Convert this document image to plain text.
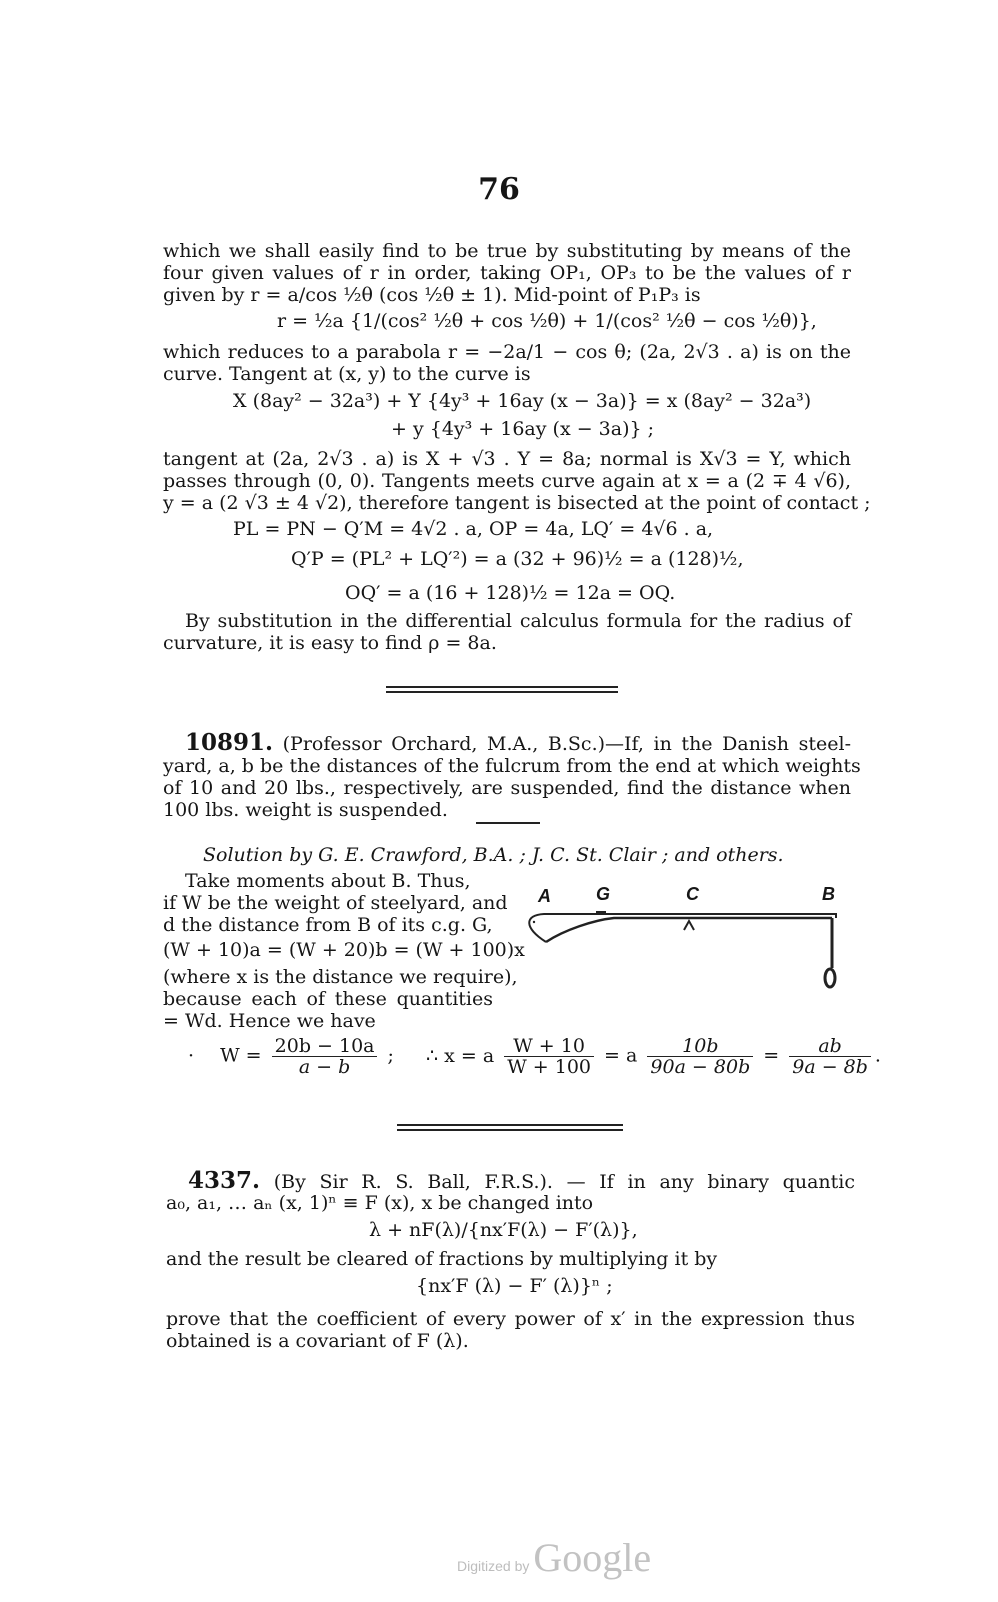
76
which we shall easily find to be true by substituting by means of the
four given values of r in order, taking OP₁, OP₃ to be the values of r
given by r = a/cos ½θ (cos ½θ ± 1). Mid-point of P₁P₃ is
r = ½a {1/(cos² ½θ + cos ½θ) + 1/(cos² ½θ − cos ½θ)},
which reduces to a parabola r = −2a/1 − cos θ; (2a, 2√3 . a) is on the
curve. Tangent at (x, y) to the curve is
X (8ay² − 32a³) + Y {4y³ + 16ay (x − 3a)} = x (8ay² − 32a³)
+ y {4y³ + 16ay (x − 3a)} ;
tangent at (2a, 2√3 . a) is X + √3 . Y = 8a; normal is X√3 = Y, which
passes through (0, 0). Tangents meets curve again at x = a (2 ∓ 4 √6),
y = a (2 √3 ± 4 √2), therefore tangent is bisected at the point of contact ;
PL = PN − Q′M = 4√2 . a, OP = 4a, LQ′ = 4√6 . a,
Q′P = (PL² + LQ′²) = a (32 + 96)½ = a (128)½,
OQ′ = a (16 + 128)½ = 12a = OQ.
By substitution in the differential calculus formula for the radius of
curvature, it is easy to find ρ = 8a.
10891. (Professor Orchard, M.A., B.Sc.)—If, in the Danish steel-
yard, a, b be the distances of the fulcrum from the end at which weights
of 10 and 20 lbs., respectively, are suspended, find the distance when
100 lbs. weight is suspended.
Solution by G. E. Crawford, B.A. ; J. C. St. Clair ; and others.
Take moments about B. Thus,
if W be the weight of steelyard, and
d the distance from B of its c.g. G,
(W + 10)a = (W + 20)b = (W + 100)x
(where x is the distance we require),
because each of these quantities
= Wd. Hence we have
A	G	C	B
· $W = \frac{20b - 10a}{a - b}$ ; ∴ x = a $\frac{W + 10}{W + 100} = a \frac{10b}{90a - 80b} = \frac{ab}{9a - 8b}$ .
4337. (By Sir R. S. Ball, F.R.S.). — If in any binary quantic
a₀, a₁, … aₙ (x, 1)ⁿ ≡ F (x), x be changed into
λ + nF(λ)/{nx′F(λ) − F′(λ)},
and the result be cleared of fractions by multiplying it by
{nx′F (λ) − F′ (λ)}ⁿ ;
prove that the coefficient of every power of x′ in the expression thus
obtained is a covariant of F (λ).
Digitized by Google
